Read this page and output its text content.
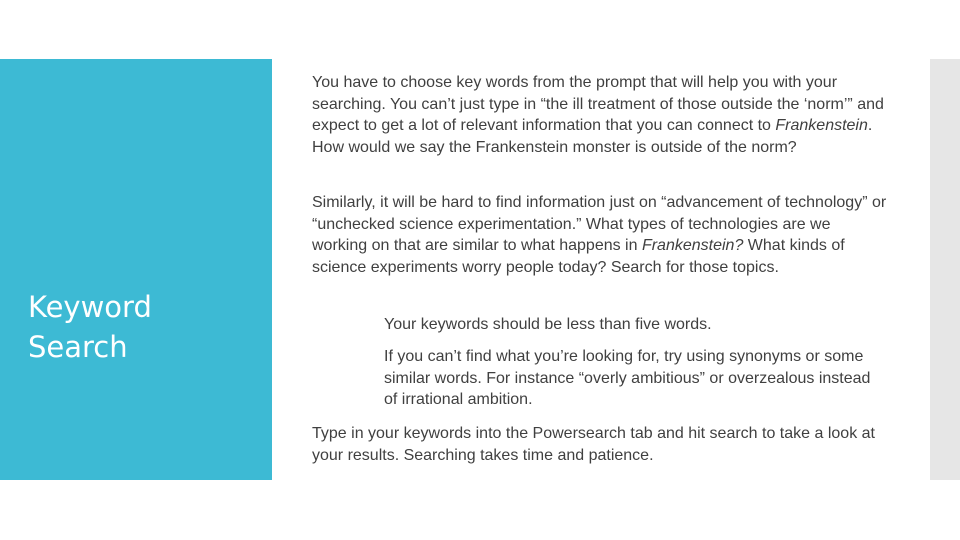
Keyword Search

You have to choose key words from the prompt that will help you with your searching. You can’t just type in “the ill treatment of those outside the ‘norm’” and expect to get a lot of relevant information that you can connect to Frankenstein. How would we say the Frankenstein monster is outside of the norm?

Similarly, it will be hard to find information just on “advancement of technology” or “unchecked science experimentation.” What types of technologies are we working on that are similar to what happens in Frankenstein? What kinds of science experiments worry people today? Search for those topics.

Your keywords should be less than five words.

If you can’t find what you’re looking for, try using synonyms or some similar words. For instance “overly ambitious” or overzealous instead of irrational ambition.

Type in your keywords into the Powersearch tab and hit search to take a look at your results. Searching takes time and patience.
